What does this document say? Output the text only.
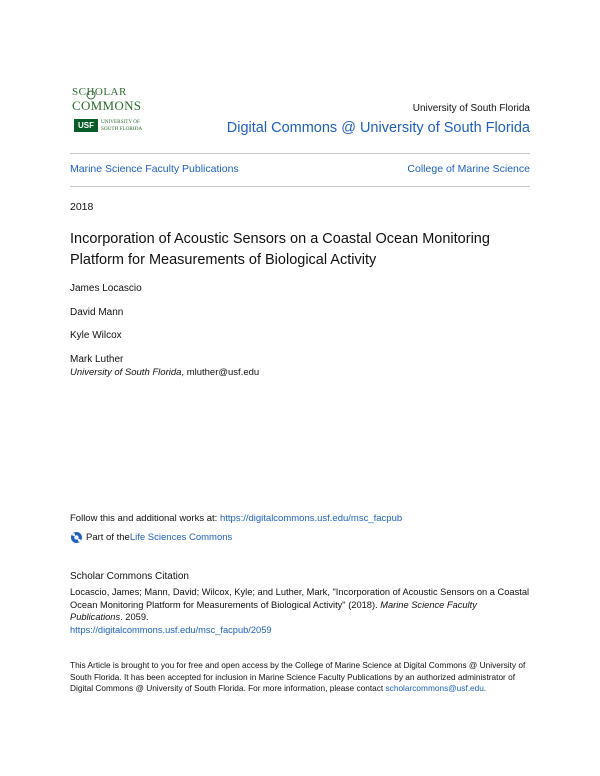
SCHOLAR
COMMONS
USF	UNIVERSITY OF
SOUTH FLORIDA
University of South Florida
Digital Commons @ University of South Florida
Marine Science Faculty Publications	College of Marine Science
2018
Incorporation of Acoustic Sensors on a Coastal Ocean Monitoring Platform for Measurements of Biological Activity
James Locascio
David Mann
Kyle Wilcox
Mark Luther
University of South Florida, mluther@usf.edu
Follow this and additional works at: https://digitalcommons.usf.edu/msc_facpub
Part of the Life Sciences Commons
Scholar Commons Citation
Locascio, James; Mann, David; Wilcox, Kyle; and Luther, Mark, "Incorporation of Acoustic Sensors on a Coastal Ocean Monitoring Platform for Measurements of Biological Activity" (2018). Marine Science Faculty Publications. 2059.
https://digitalcommons.usf.edu/msc_facpub/2059
This Article is brought to you for free and open access by the College of Marine Science at Digital Commons @ University of South Florida. It has been accepted for inclusion in Marine Science Faculty Publications by an authorized administrator of Digital Commons @ University of South Florida. For more information, please contact scholarcommons@usf.edu.
